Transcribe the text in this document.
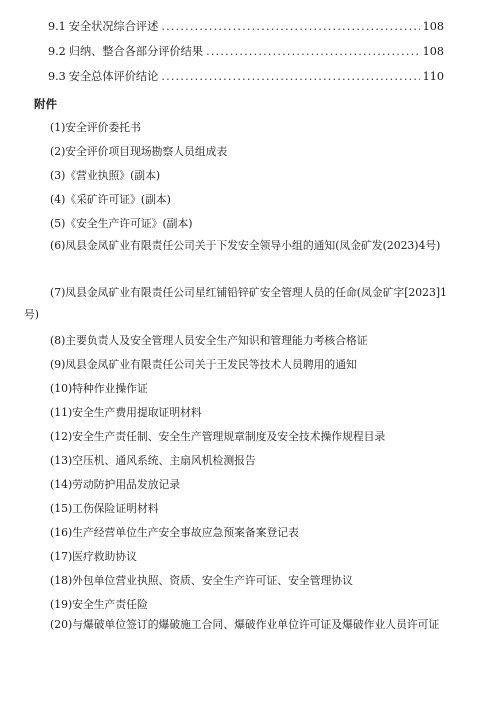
9.1 安全状况综合评述 .....	108
9.2 归纳、整合各部分评价结果 .....	108
9.3 安全总体评价结论 .....	110
附件
(1)安全评价委托书
(2)安全评价项目现场勘察人员组成表
(3)《营业执照》(副本)
(4)《采矿许可证》(副本)
(5)《安全生产许可证》(副本)
(6)凤县金凤矿业有限责任公司关于下发安全领导小组的通知(凤金矿发(2023)4号)
(7)凤县金凤矿业有限责任公司星红铺铅锌矿安全管理人员的任命(凤金矿字[2023]1号)
(8)主要负责人及安全管理人员安全生产知识和管理能力考核合格证
(9)凤县金凤矿业有限责任公司关于王发民等技术人员聘用的通知
(10)特种作业操作证
(11)安全生产费用提取证明材料
(12)安全生产责任制、安全生产管理规章制度及安全技术操作规程目录
(13)空压机、通风系统、主扇风机检测报告
(14)劳动防护用品发放记录
(15)工伤保险证明材料
(16)生产经营单位生产安全事故应急预案备案登记表
(17)医疗救助协议
(18)外包单位营业执照、资质、安全生产许可证、安全管理协议
(19)安全生产责任险
(20)与爆破单位签订的爆破施工合同、爆破作业单位许可证及爆破作业人员许可证
